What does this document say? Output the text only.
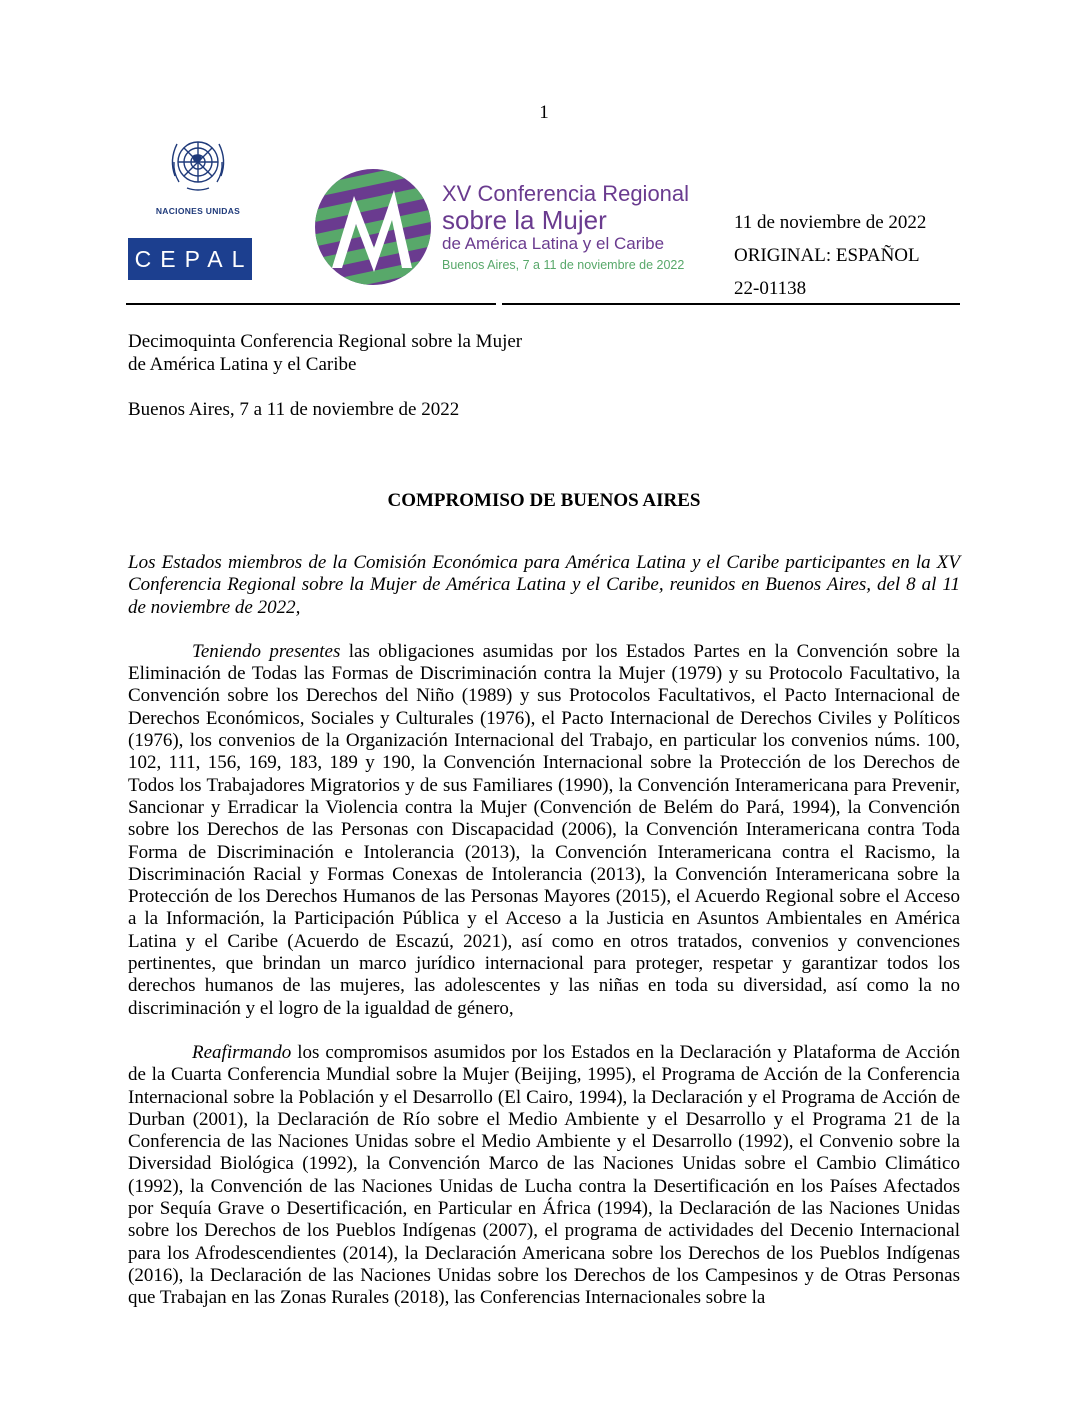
1
NACIONES UNIDAS
CEPAL
XV Conferencia Regional
sobre la Mujer
de América Latina y el Caribe
Buenos Aires, 7 a 11 de noviembre de 2022
11 de noviembre de 2022
ORIGINAL: ESPAÑOL
22-01138
Decimoquinta Conferencia Regional sobre la Mujer
de América Latina y el Caribe
Buenos Aires, 7 a 11 de noviembre de 2022
COMPROMISO DE BUENOS AIRES

Los Estados miembros de la Comisión Económica para América Latina y el Caribe participantes en la XV Conferencia Regional sobre la Mujer de América Latina y el Caribe, reunidos en Buenos Aires, del 8 al 11 de noviembre de 2022,

Teniendo presentes las obligaciones asumidas por los Estados Partes en la Convención sobre la Eliminación de Todas las Formas de Discriminación contra la Mujer (1979) y su Protocolo Facultativo, la Convención sobre los Derechos del Niño (1989) y sus Protocolos Facultativos, el Pacto Internacional de Derechos Económicos, Sociales y Culturales (1976), el Pacto Internacional de Derechos Civiles y Políticos (1976), los convenios de la Organización Internacional del Trabajo, en particular los convenios núms. 100, 102, 111, 156, 169, 183, 189 y 190, la Convención Internacional sobre la Protección de los Derechos de Todos los Trabajadores Migratorios y de sus Familiares (1990), la Convención Interamericana para Prevenir, Sancionar y Erradicar la Violencia contra la Mujer (Convención de Belém do Pará, 1994), la Convención sobre los Derechos de las Personas con Discapacidad (2006), la Convención Interamericana contra Toda Forma de Discriminación e Intolerancia (2013), la Convención Interamericana contra el Racismo, la Discriminación Racial y Formas Conexas de Intolerancia (2013), la Convención Interamericana sobre la Protección de los Derechos Humanos de las Personas Mayores (2015), el Acuerdo Regional sobre el Acceso a la Información, la Participación Pública y el Acceso a la Justicia en Asuntos Ambientales en América Latina y el Caribe (Acuerdo de Escazú, 2021), así como en otros tratados, convenios y convenciones pertinentes, que brindan un marco jurídico internacional para proteger, respetar y garantizar todos los derechos humanos de las mujeres, las adolescentes y las niñas en toda su diversidad, así como la no discriminación y el logro de la igualdad de género,

Reafirmando los compromisos asumidos por los Estados en la Declaración y Plataforma de Acción de la Cuarta Conferencia Mundial sobre la Mujer (Beijing, 1995), el Programa de Acción de la Conferencia Internacional sobre la Población y el Desarrollo (El Cairo, 1994), la Declaración y el Programa de Acción de Durban (2001), la Declaración de Río sobre el Medio Ambiente y el Desarrollo y el Programa 21 de la Conferencia de las Naciones Unidas sobre el Medio Ambiente y el Desarrollo (1992), el Convenio sobre la Diversidad Biológica (1992), la Convención Marco de las Naciones Unidas sobre el Cambio Climático (1992), la Convención de las Naciones Unidas de Lucha contra la Desertificación en los Países Afectados por Sequía Grave o Desertificación, en Particular en África (1994), la Declaración de las Naciones Unidas sobre los Derechos de los Pueblos Indígenas (2007), el programa de actividades del Decenio Internacional para los Afrodescendientes (2014), la Declaración Americana sobre los Derechos de los Pueblos Indígenas (2016), la Declaración de las Naciones Unidas sobre los Derechos de los Campesinos y de Otras Personas que Trabajan en las Zonas Rurales (2018), las Conferencias Internacionales sobre la
